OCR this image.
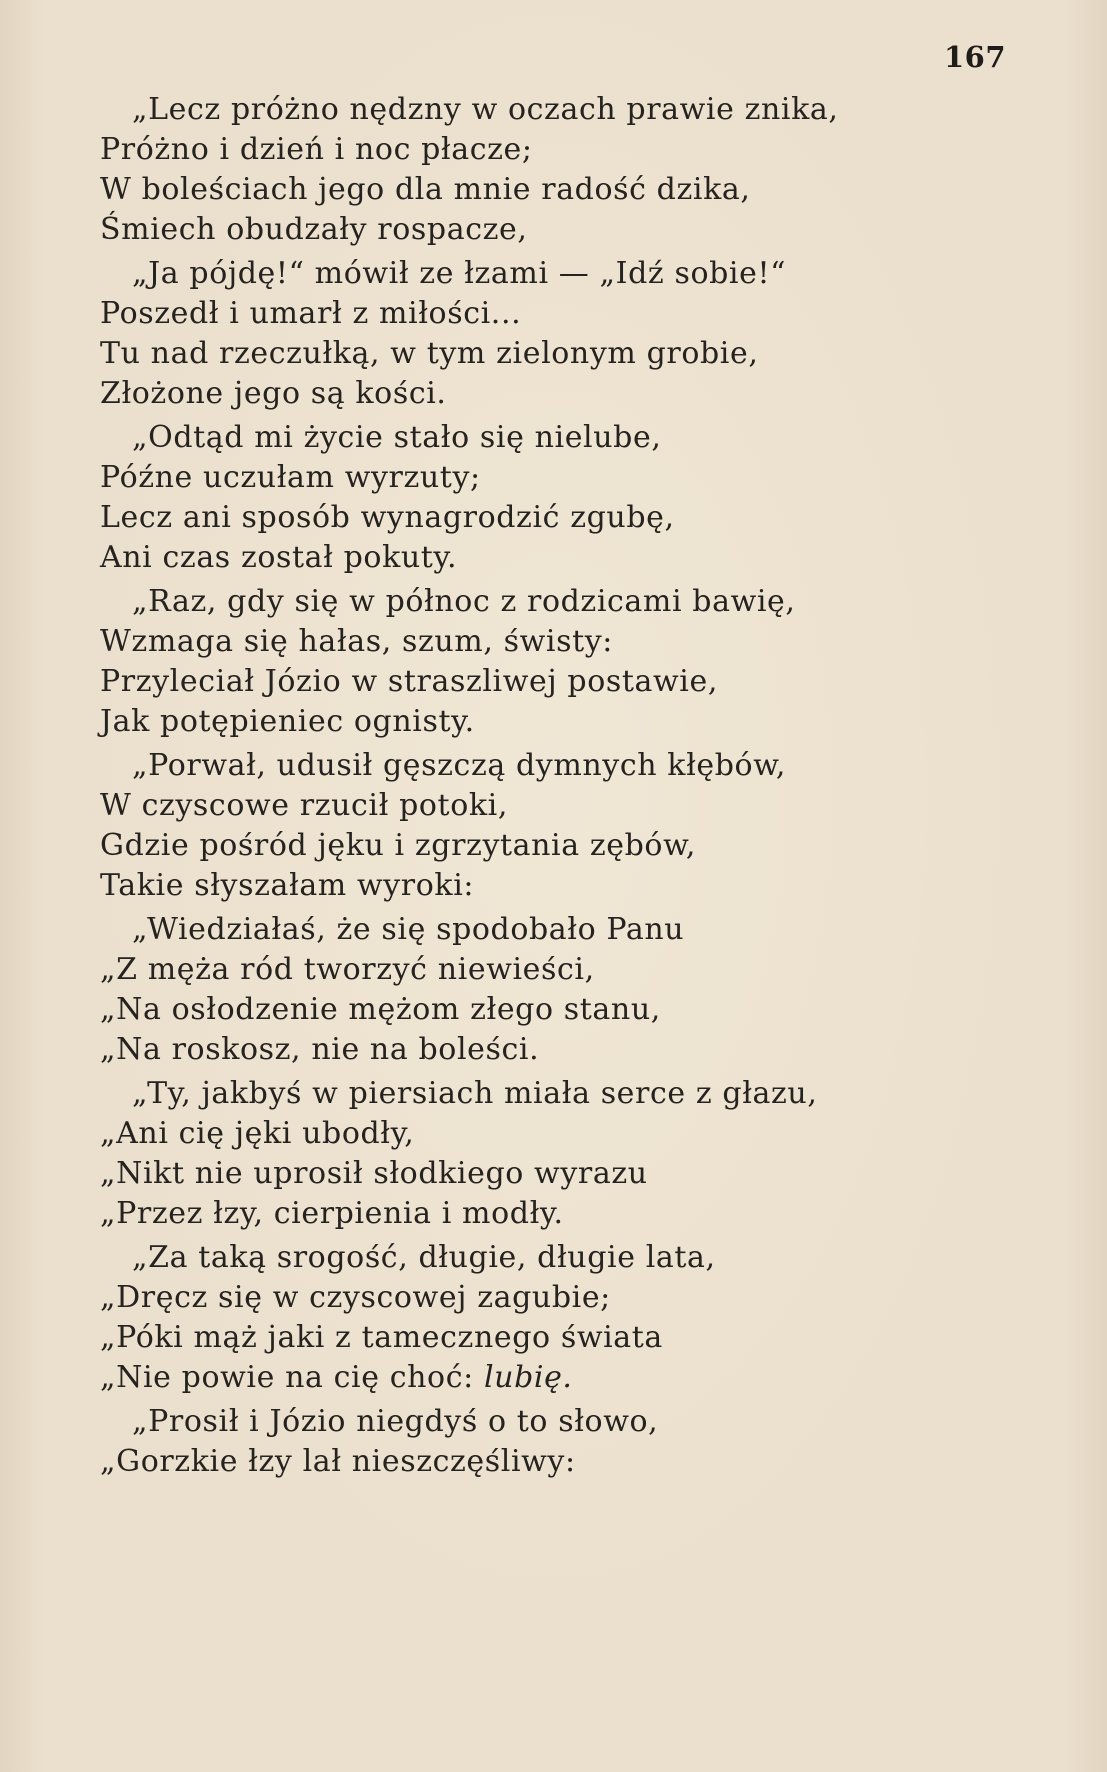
167
„Lecz próżno nędzny w oczach prawie znika,
Próżno i dzień i noc płacze;
W boleściach jego dla mnie radość dzika,
Śmiech obudzały rospacze,
„Ja pójdę!“ mówił ze łzami — „Idź sobie!“
Poszedł i umarł z miłości...
Tu nad rzeczułką, w tym zielonym grobie,
Złożone jego są kości.
„Odtąd mi życie stało się nielube,
Późne uczułam wyrzuty;
Lecz ani sposób wynagrodzić zgubę,
Ani czas został pokuty.
„Raz, gdy się w północ z rodzicami bawię,
Wzmaga się hałas, szum, świsty:
Przyleciał Józio w straszliwej postawie,
Jak potępieniec ognisty.
„Porwał, udusił gęszczą dymnych kłębów,
W czyscowe rzucił potoki,
Gdzie pośród jęku i zgrzytania zębów,
Takie słyszałam wyroki:
„Wiedziałaś, że się spodobało Panu
„Z męża ród tworzyć niewieści,
„Na osłodzenie mężom złego stanu,
„Na roskosz, nie na boleści.
„Ty, jakbyś w piersiach miała serce z głazu,
„Ani cię jęki ubodły,
„Nikt nie uprosił słodkiego wyrazu
„Przez łzy, cierpienia i modły.
„Za taką srogość, długie, długie lata,
„Dręcz się w czyscowej zagubie;
„Póki mąż jaki z tamecznego świata
„Nie powie na cię choć: lubię.
„Prosił i Józio niegdyś o to słowo,
„Gorzkie łzy lał nieszczęśliwy:
